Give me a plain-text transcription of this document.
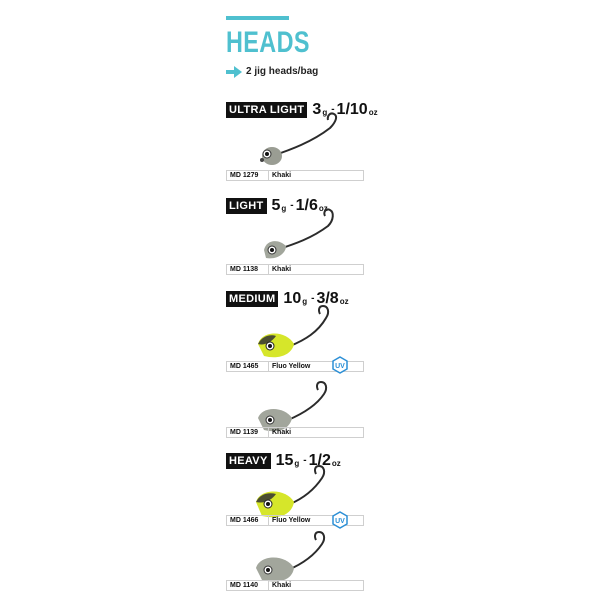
HEADS
2 jig heads/bag
ULTRA LIGHT 3 g - 1/10 oz
MD 1279	Khaki
LIGHT 5 g - 1/6 oz
MD 1138	Khaki
MEDIUM 10 g - 3/8 oz
MD 1465	Fluo Yellow	UV
MD 1139	Khaki
HEAVY 15 g - 1/2 oz
MD 1466	Fluo Yellow	UV
MD 1140	Khaki
